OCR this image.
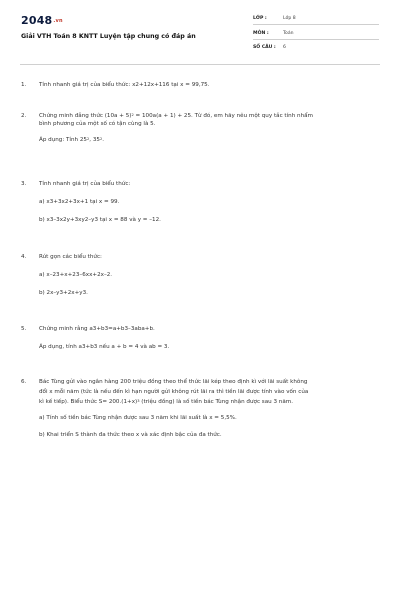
2048.vn
Giải VTH Toán 8 KNTT Luyện tập chung có đáp án
LỚP :	Lớp 8
MÔN :	Toán
SỐ CÂU : 6
1. Tính nhanh giá trị của biểu thức: x2+12x+116 tại x = 99,75.
2. Chứng minh đẳng thức $(10a + 5)^2 = 100a(a + 1) + 25$. Từ đó, em hãy nêu một quy tắc tính nhẩm
bình phương của một số có tận cùng là 5.
Áp dụng: Tính $25^2$, $35^2$.
3. Tính nhanh giá trị của biểu thức:
a) x3+3x2+3x+1 tại x = 99.
b) x3–3x2y+3xy2–y3 tại x = 88 và y = –12.
4. Rút gọn các biểu thức:
a) x–23+x+23–6xx+2x–2.
b) 2x–y3+2x+y3.
5. Chứng minh rằng a3+b3=a+b3–3aba+b.
Áp dụng, tính a3+b3 nếu a + b = 4 và ab = 3.
6. Bác Tùng gửi vào ngân hàng 200 triệu đồng theo thể thức lãi kép theo định kì với lãi suất không
đổi x mỗi năm (tức là nếu đến kì hạn người gửi không rút lãi ra thì tiền lãi được tính vào vốn của
kì kế tiếp). Biểu thức $S= 200.(1+x)^3$ (triệu đồng) là số tiền bác Tùng nhận được sau 3 năm.
a) Tính số tiền bác Tùng nhận được sau 3 năm khi lãi suất là x = 5,5%.
b) Khai triển S thành đa thức theo x và xác định bậc của đa thức.
